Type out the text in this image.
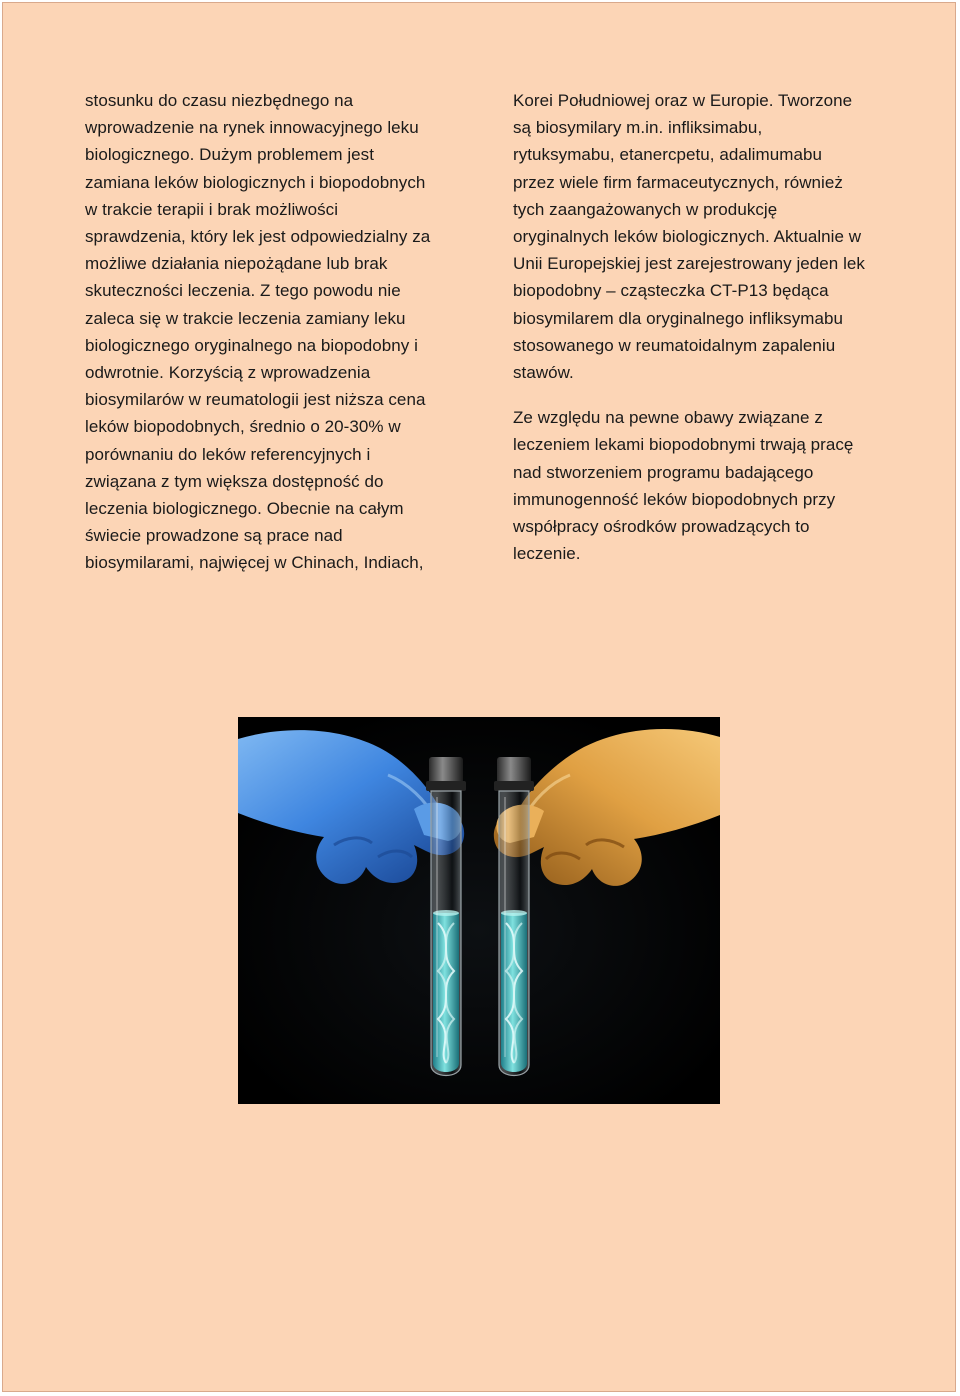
stosunku do czasu niezbędnego na
wprowadzenie na rynek innowacyjnego leku
biologicznego. Dużym problemem jest
zamiana leków biologicznych i biopodobnych
w trakcie terapii i brak możliwości
sprawdzenia, który lek jest odpowiedzialny za
możliwe działania niepożądane lub brak
skuteczności leczenia. Z tego powodu nie
zaleca się w trakcie leczenia zamiany leku
biologicznego oryginalnego na biopodobny i
odwrotnie. Korzyścią z wprowadzenia
biosymilarów w reumatologii jest niższa cena
leków biopodobnych, średnio o 20-30% w
porównaniu do leków referencyjnych i
związana z tym większa dostępność do
leczenia biologicznego. Obecnie na całym
świecie prowadzone są prace nad
biosymilarami, najwięcej w Chinach, Indiach,

Korei Południowej oraz w Europie. Tworzone
są biosymilary m.in. infliksimabu,
rytuksymabu, etanercpetu, adalimumabu
przez wiele firm farmaceutycznych, również
tych zaangażowanych w produkcję
oryginalnych leków biologicznych. Aktualnie w
Unii Europejskiej jest zarejestrowany jeden lek
biopodobny – cząsteczka CT-P13 będąca
biosymilarem dla oryginalnego infliksymabu
stosowanego w reumatoidalnym zapaleniu
stawów.

Ze względu na pewne obawy związane z
leczeniem lekami biopodobnymi trwają pracę
nad stworzeniem programu badającego
immunogenność leków biopodobnych przy
współpracy ośrodków prowadzących to
leczenie.
